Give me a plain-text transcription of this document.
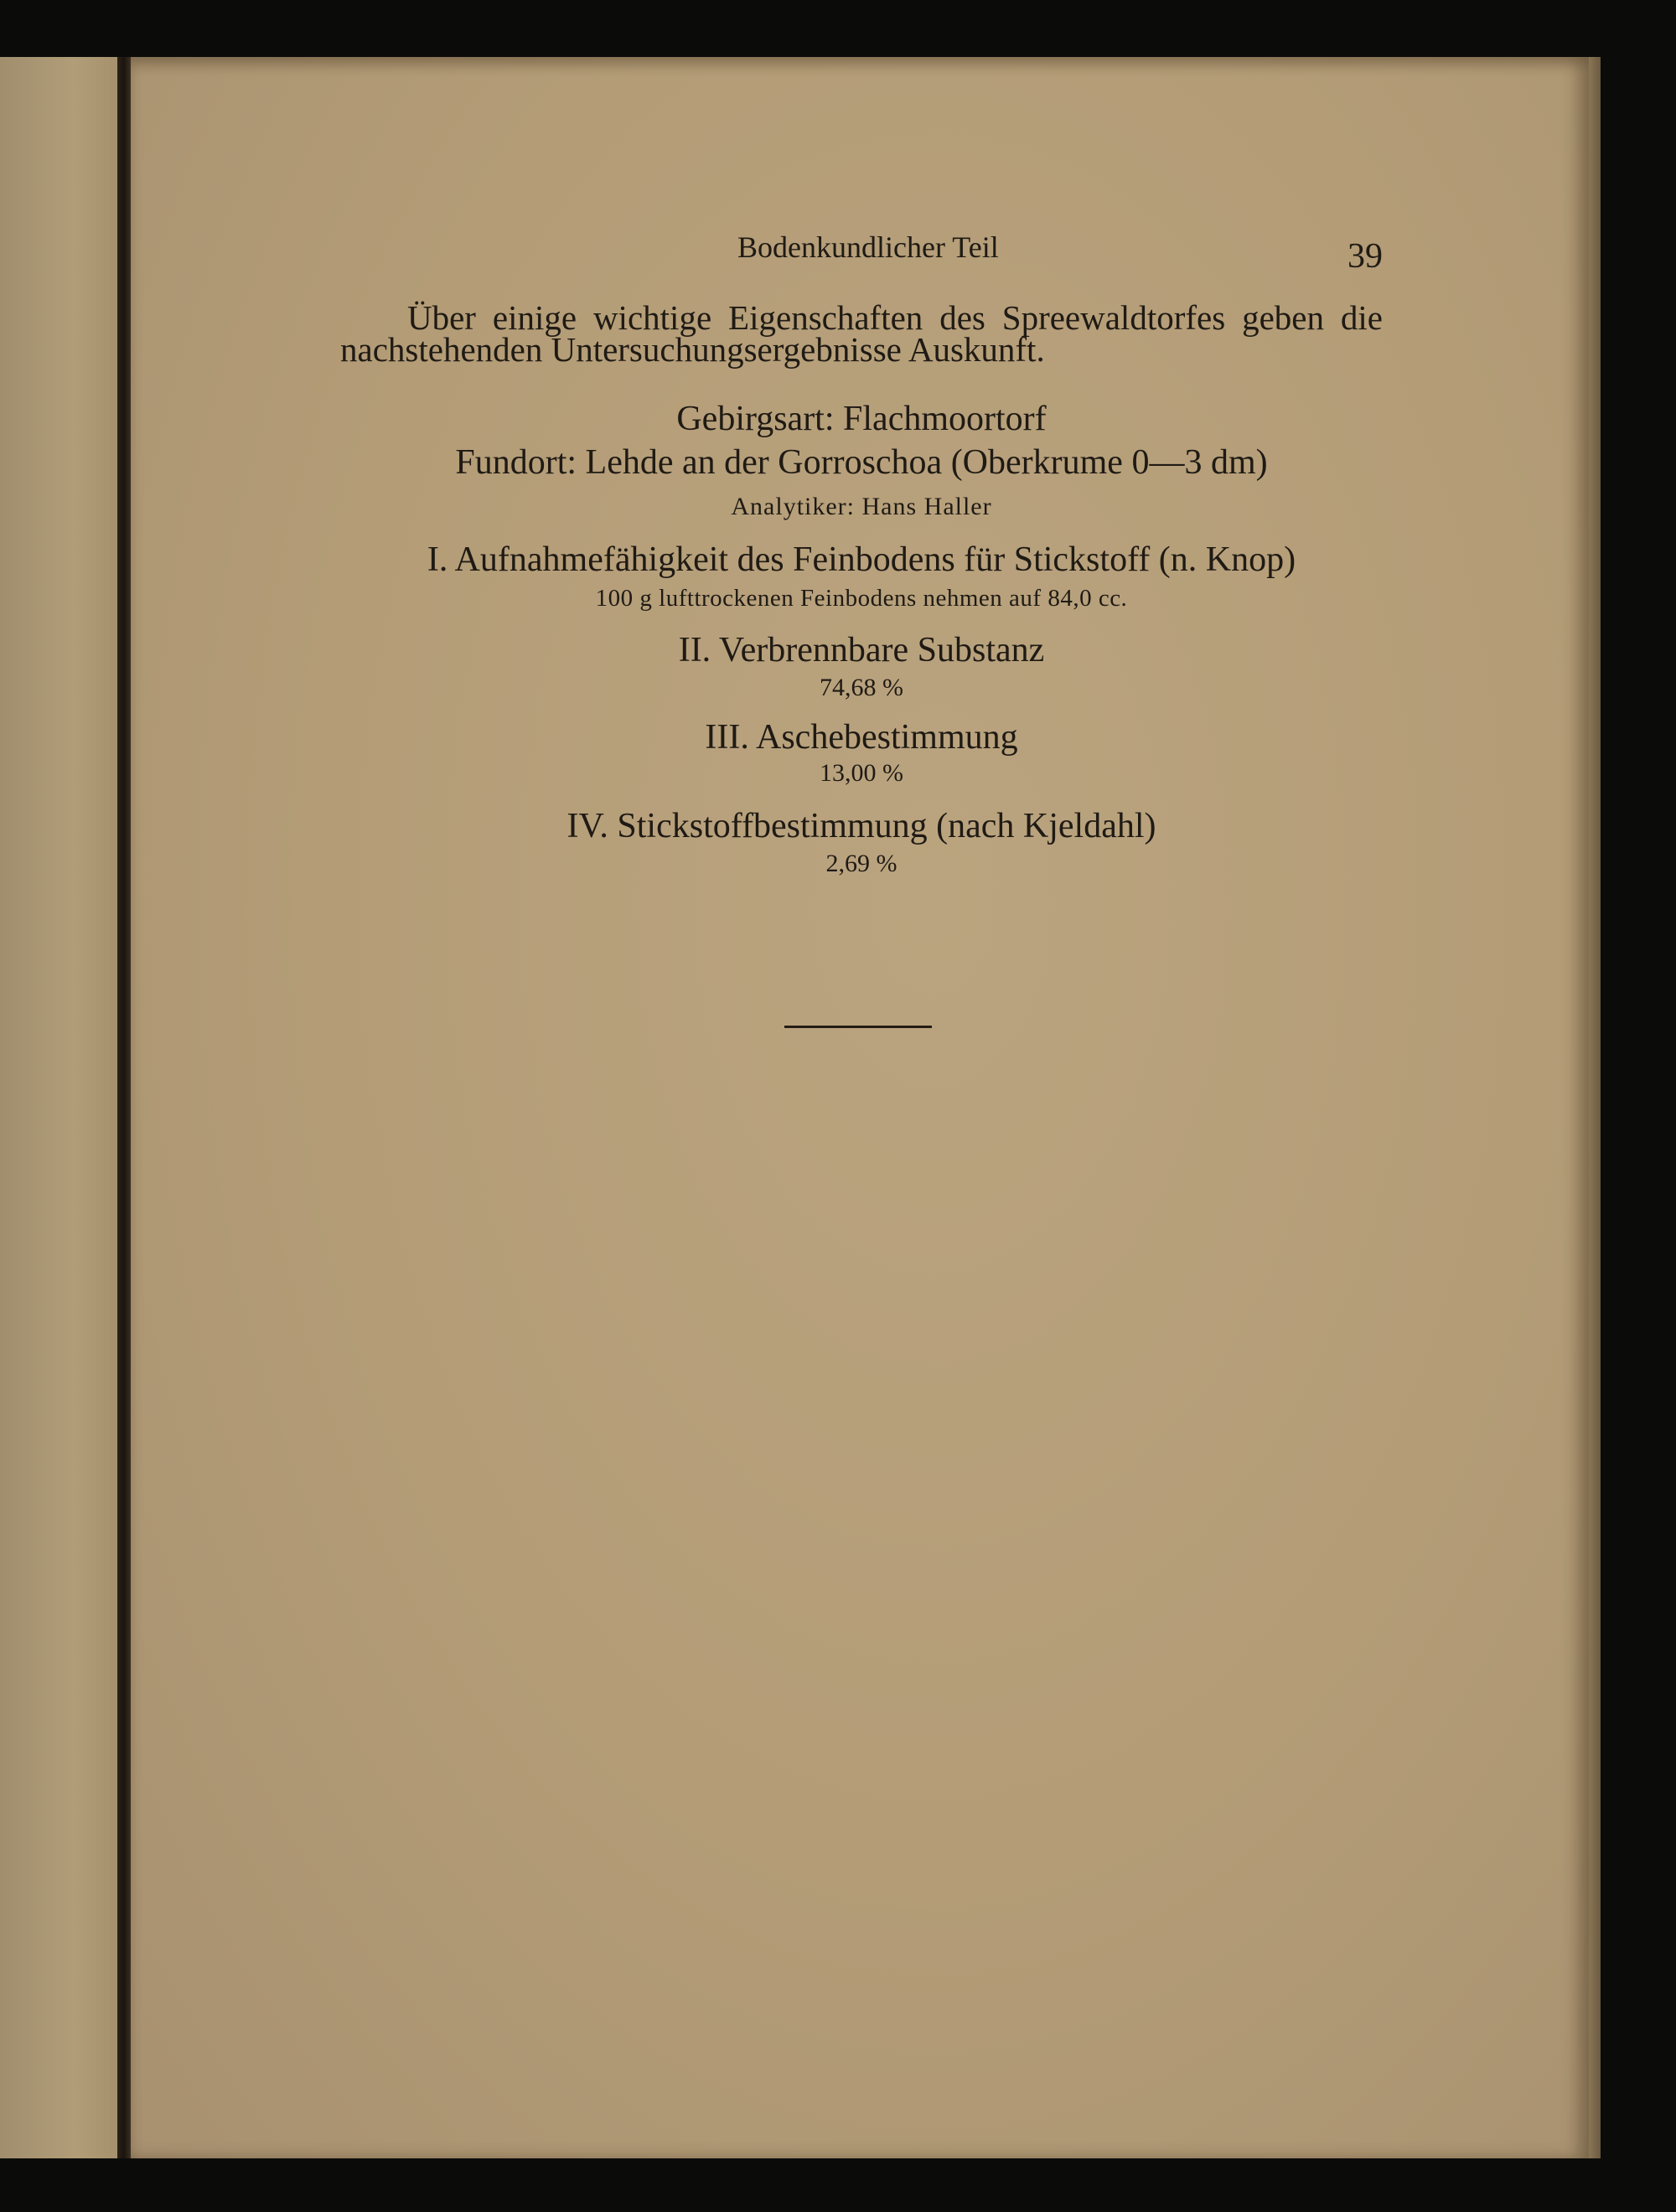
Bodenkundlicher Teil	39
Über einige wichtige Eigenschaften des Spreewaldtorfes geben die
nachstehenden Untersuchungsergebnisse Auskunft.
Gebirgsart: Flachmoortorf
Fundort: Lehde an der Gorroschoa (Oberkrume 0—3 dm)
Analytiker: Hans Haller
I. Aufnahmefähigkeit des Feinbodens für Stickstoff (n. Knop)
100 g lufttrockenen Feinbodens nehmen auf 84,0 cc.
II. Verbrennbare Substanz
74,68 %
III. Aschebestimmung
13,00 %
IV. Stickstoffbestimmung (nach Kjeldahl)
2,69 %
